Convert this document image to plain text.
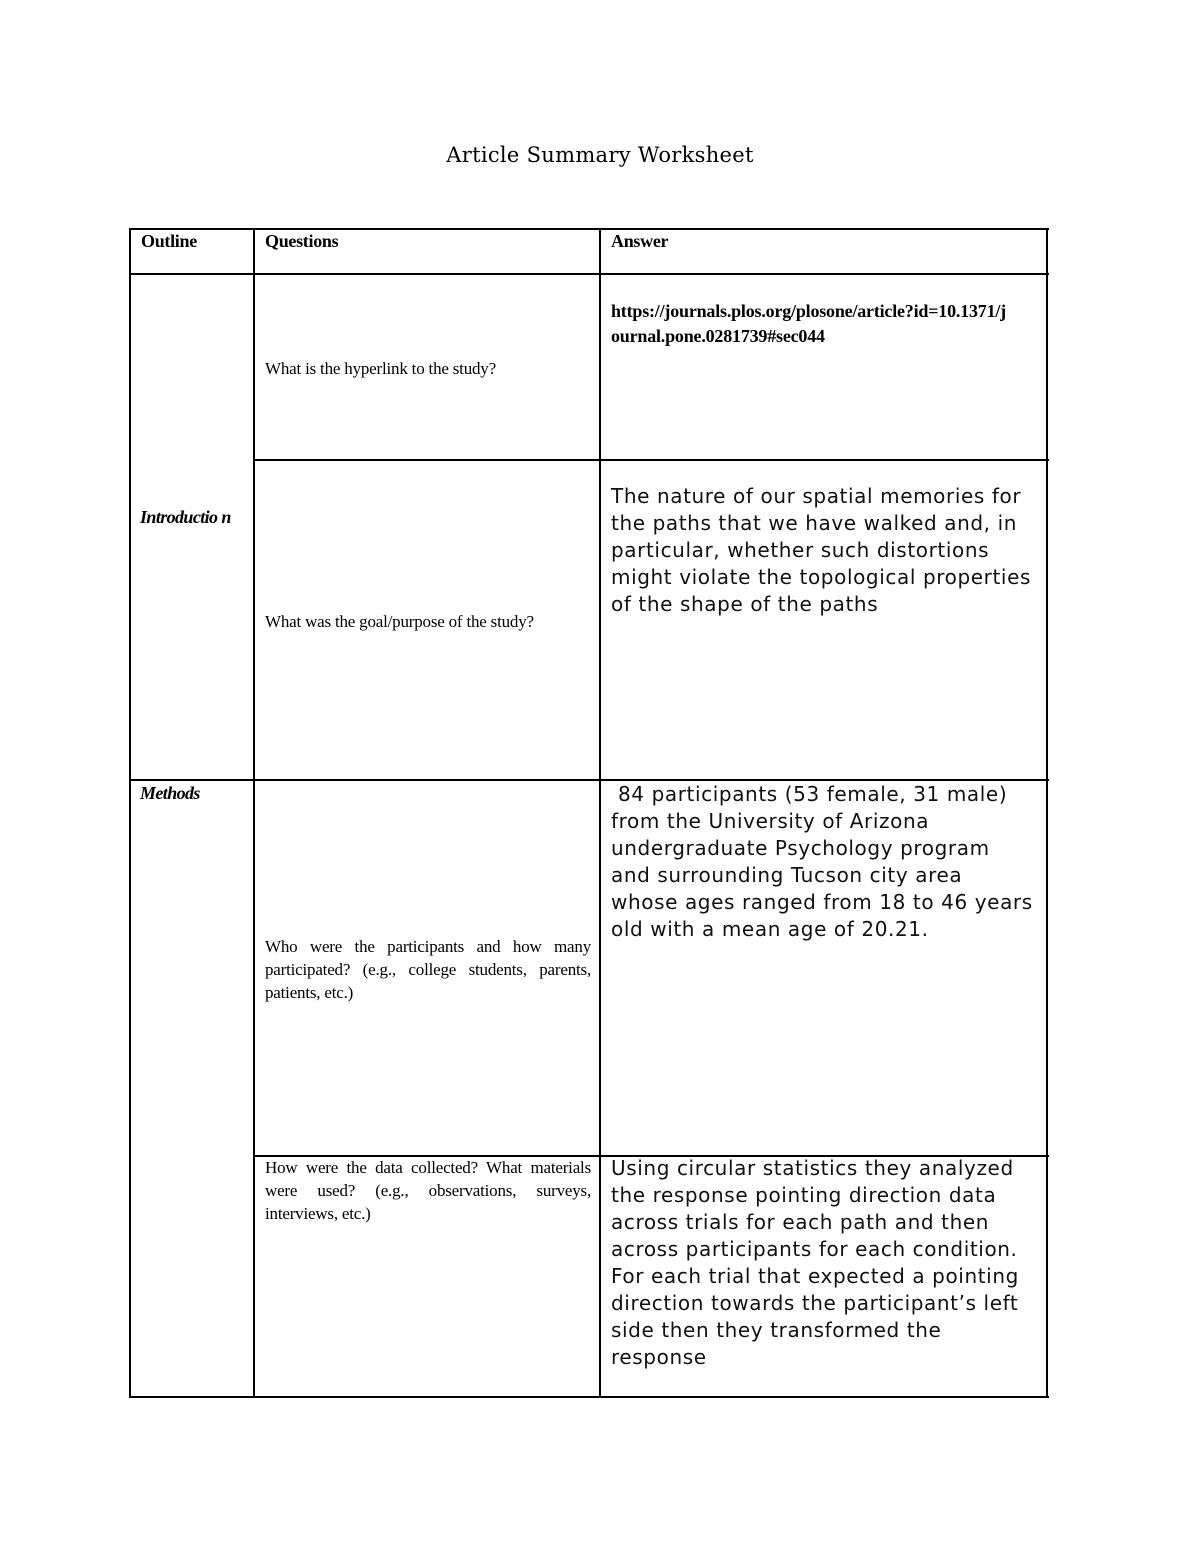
Article Summary Worksheet
Outline	Questions	Answer
Introductio n
Methods
What is the hyperlink to the study?
https://journals.plos.org/plosone/article?id=10.1371/journal.pone.0281739#sec044
What was the goal/purpose of the study?
The nature of our spatial memories for the paths that we have walked and, in particular, whether such distortions might violate the topological properties of the shape of the paths
Who were the participants and how many participated? (e.g., college students, parents, patients, etc.)
84 participants (53 female, 31 male) from the University of Arizona undergraduate Psychology program and surrounding Tucson city area whose ages ranged from 18 to 46 years old with a mean age of 20.21.
How were the data collected? What materials were used? (e.g., observations, surveys, interviews, etc.)
Using circular statistics they analyzed the response pointing direction data across trials for each path and then across participants for each condition. For each trial that expected a pointing direction towards the participant’s left side then they transformed the response
